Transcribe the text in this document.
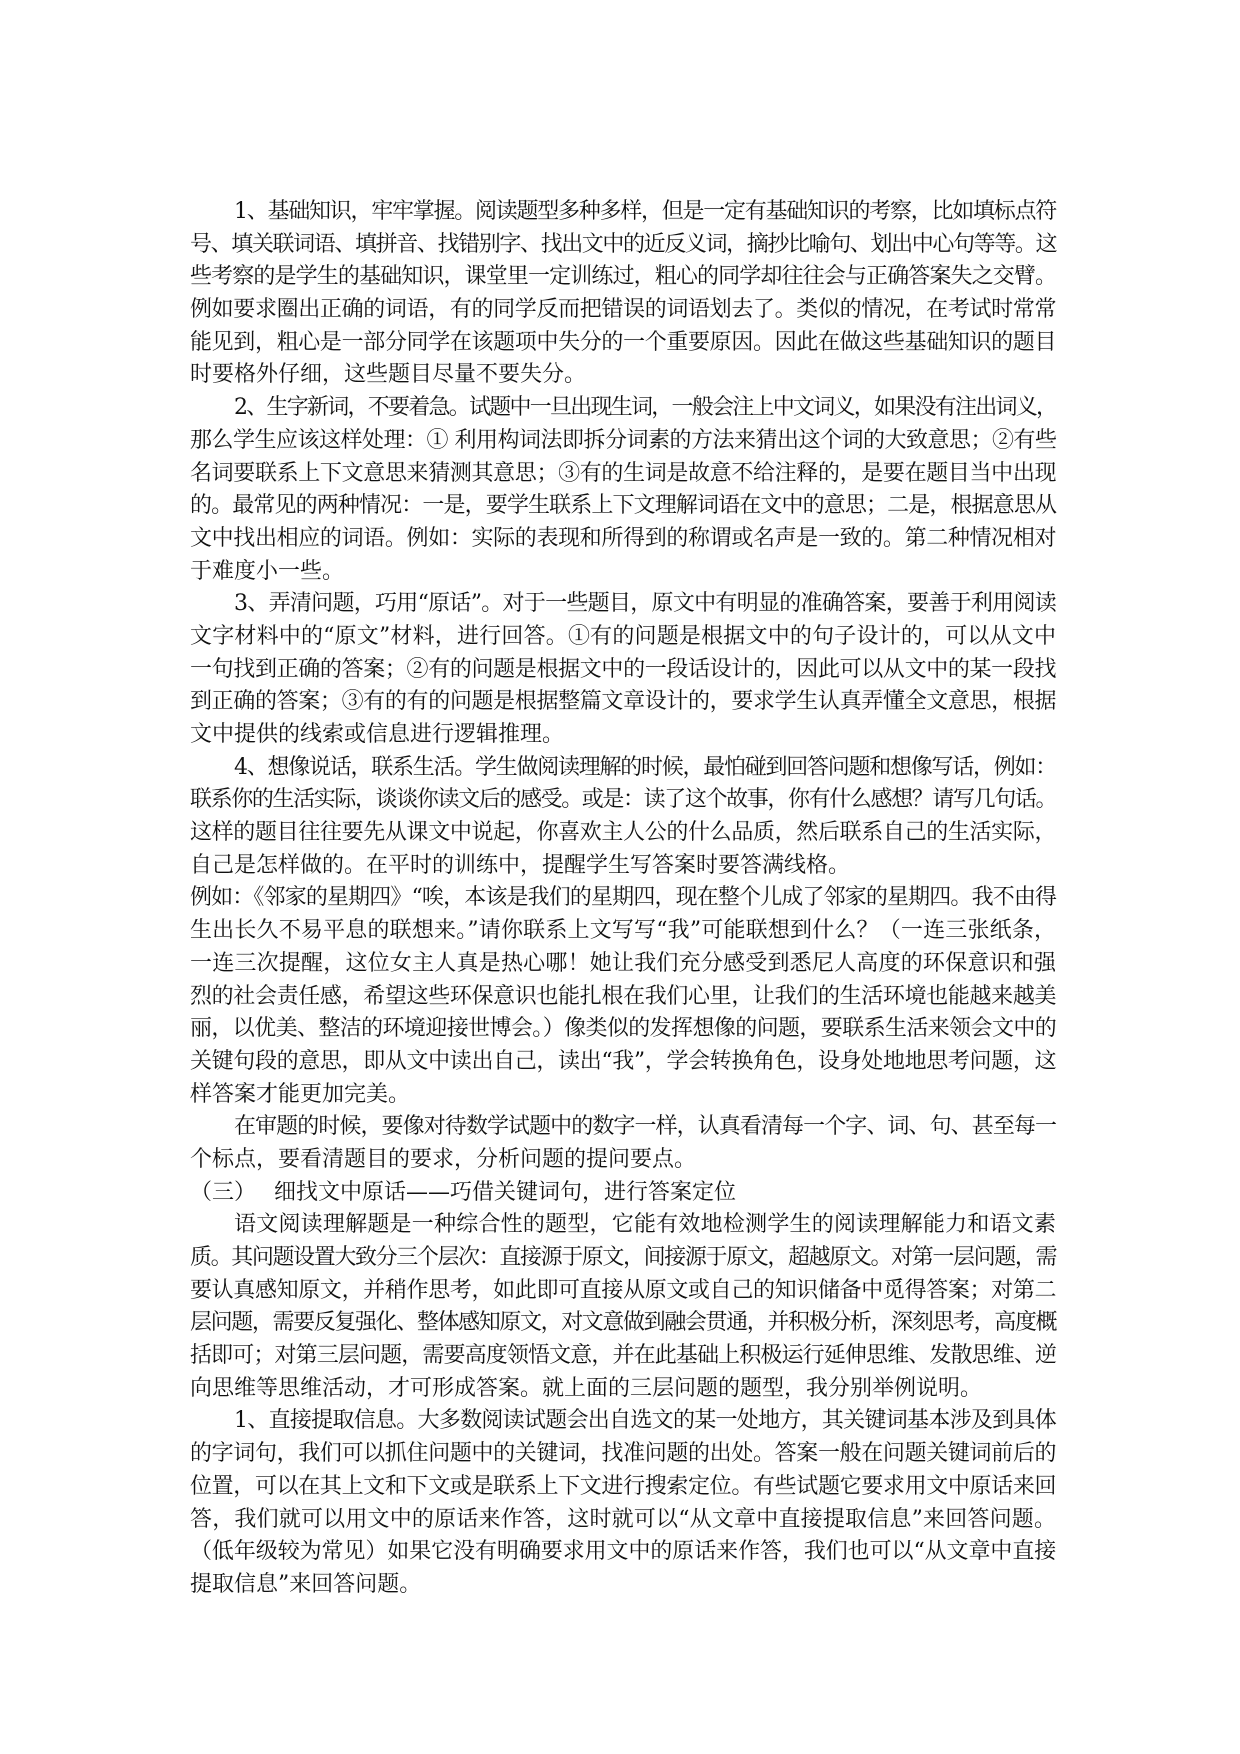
1、基础知识，牢牢掌握。阅读题型多种多样，但是一定有基础知识的考察，比如填标点符
号、填关联词语、填拼音、找错别字、找出文中的近反义词，摘抄比喻句、划出中心句等等。这
些考察的是学生的基础知识，课堂里一定训练过，粗心的同学却往往会与正确答案失之交臂。
例如要求圈出正确的词语，有的同学反而把错误的词语划去了。类似的情况，在考试时常常
能见到，粗心是一部分同学在该题项中失分的一个重要原因。因此在做这些基础知识的题目
时要格外仔细，这些题目尽量不要失分。
2、生字新词，不要着急。试题中一旦出现生词，一般会注上中文词义，如果没有注出词义，
那么学生应该这样处理：① 利用构词法即拆分词素的方法来猜出这个词的大致意思；②有些
名词要联系上下文意思来猜测其意思；③有的生词是故意不给注释的，是要在题目当中出现
的。最常见的两种情况：一是，要学生联系上下文理解词语在文中的意思；二是，根据意思从
文中找出相应的词语。例如：实际的表现和所得到的称谓或名声是一致的。第二种情况相对
于难度小一些。
3、弄清问题，巧用“原话”。对于一些题目，原文中有明显的准确答案，要善于利用阅读
文字材料中的“原文”材料，进行回答。①有的问题是根据文中的句子设计的，可以从文中
一句找到正确的答案；②有的问题是根据文中的一段话设计的，因此可以从文中的某一段找
到正确的答案；③有的有的问题是根据整篇文章设计的，要求学生认真弄懂全文意思，根据
文中提供的线索或信息进行逻辑推理。
4、想像说话，联系生活。学生做阅读理解的时候，最怕碰到回答问题和想像写话，例如：
联系你的生活实际，谈谈你读文后的感受。或是：读了这个故事，你有什么感想？请写几句话。
这样的题目往往要先从课文中说起，你喜欢主人公的什么品质，然后联系自己的生活实际，
自己是怎样做的。在平时的训练中，提醒学生写答案时要答满线格。
例如：《邻家的星期四》“唉，本该是我们的星期四，现在整个儿成了邻家的星期四。我不由得
生出长久不易平息的联想来。”请你联系上文写写“我”可能联想到什么？（一连三张纸条，
一连三次提醒，这位女主人真是热心哪！她让我们充分感受到悉尼人高度的环保意识和强
烈的社会责任感，希望这些环保意识也能扎根在我们心里，让我们的生活环境也能越来越美
丽，以优美、整洁的环境迎接世博会。）像类似的发挥想像的问题，要联系生活来领会文中的
关键句段的意思，即从文中读出自己，读出“我”，学会转换角色，设身处地地思考问题，这
样答案才能更加完美。
在审题的时候，要像对待数学试题中的数字一样，认真看清每一个字、词、句、甚至每一
个标点，要看清题目的要求，分析问题的提问要点。
（三）　 细找文中原话——巧借关键词句，进行答案定位
语文阅读理解题是一种综合性的题型，它能有效地检测学生的阅读理解能力和语文素
质。其问题设置大致分三个层次：直接源于原文，间接源于原文，超越原文。对第一层问题，需
要认真感知原文，并稍作思考，如此即可直接从原文或自己的知识储备中觅得答案；对第二
层问题，需要反复强化、整体感知原文，对文意做到融会贯通，并积极分析，深刻思考，高度概
括即可；对第三层问题，需要高度领悟文意，并在此基础上积极运行延伸思维、发散思维、逆
向思维等思维活动，才可形成答案。就上面的三层问题的题型，我分别举例说明。
1、直接提取信息。大多数阅读试题会出自选文的某一处地方，其关键词基本涉及到具体
的字词句，我们可以抓住问题中的关键词，找准问题的出处。答案一般在问题关键词前后的
位置，可以在其上文和下文或是联系上下文进行搜索定位。有些试题它要求用文中原话来回
答，我们就可以用文中的原话来作答，这时就可以“从文章中直接提取信息”来回答问题。
（低年级较为常见）如果它没有明确要求用文中的原话来作答，我们也可以“从文章中直接
提取信息”来回答问题。
